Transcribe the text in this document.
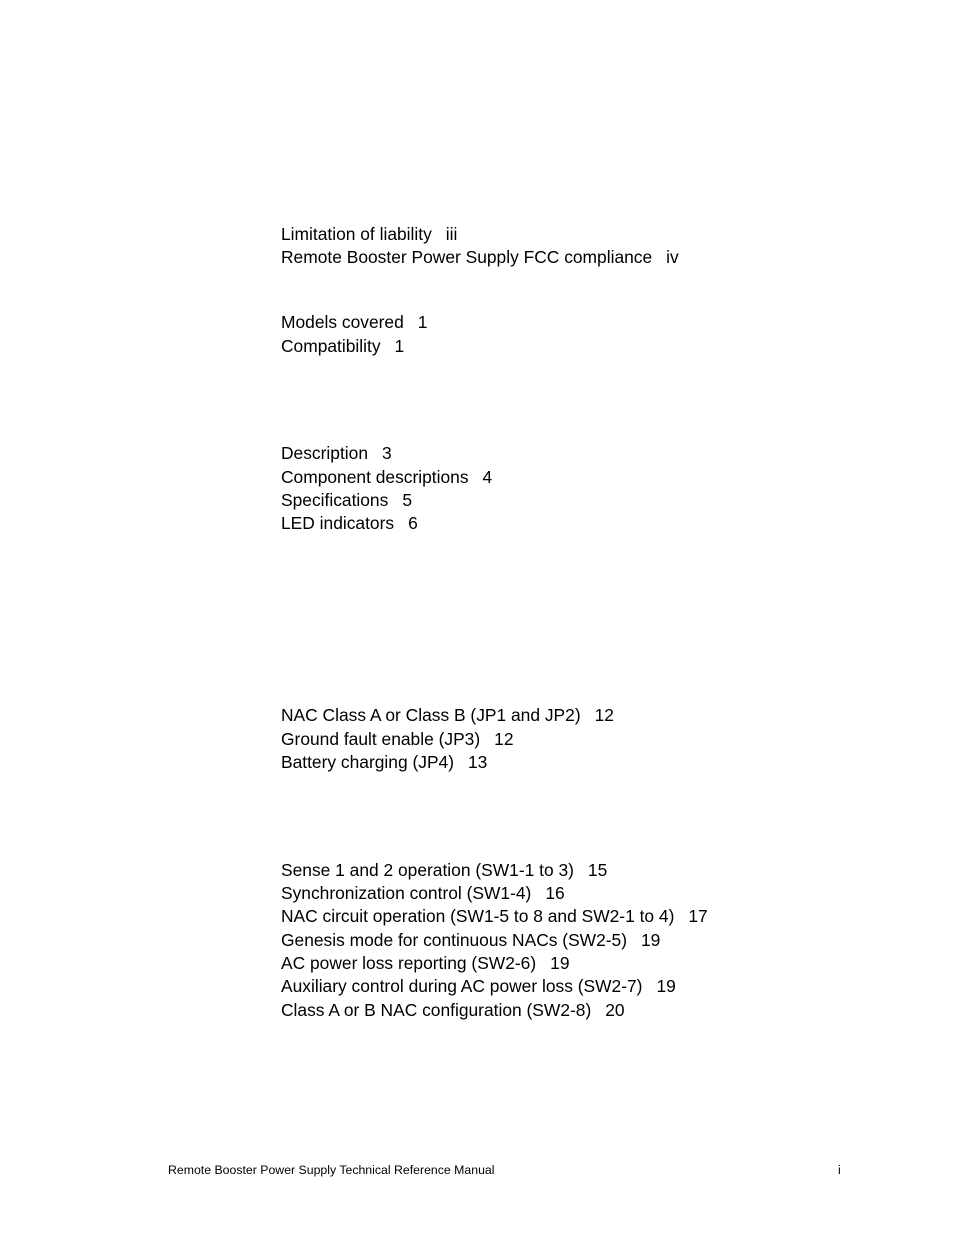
Limitation of liability iii
Remote Booster Power Supply FCC compliance iv
Models covered 1
Compatibility 1
Description 3
Component descriptions 4
Specifications 5
LED indicators 6
NAC Class A or Class B (JP1 and JP2) 12
Ground fault enable (JP3) 12
Battery charging (JP4) 13
Sense 1 and 2 operation (SW1-1 to 3) 15
Synchronization control (SW1-4) 16
NAC circuit operation (SW1-5 to 8 and SW2-1 to 4) 17
Genesis mode for continuous NACs (SW2-5) 19
AC power loss reporting (SW2-6) 19
Auxiliary control during AC power loss (SW2-7) 19
Class A or B NAC configuration (SW2-8) 20
Remote Booster Power Supply Technical Reference Manual	i
